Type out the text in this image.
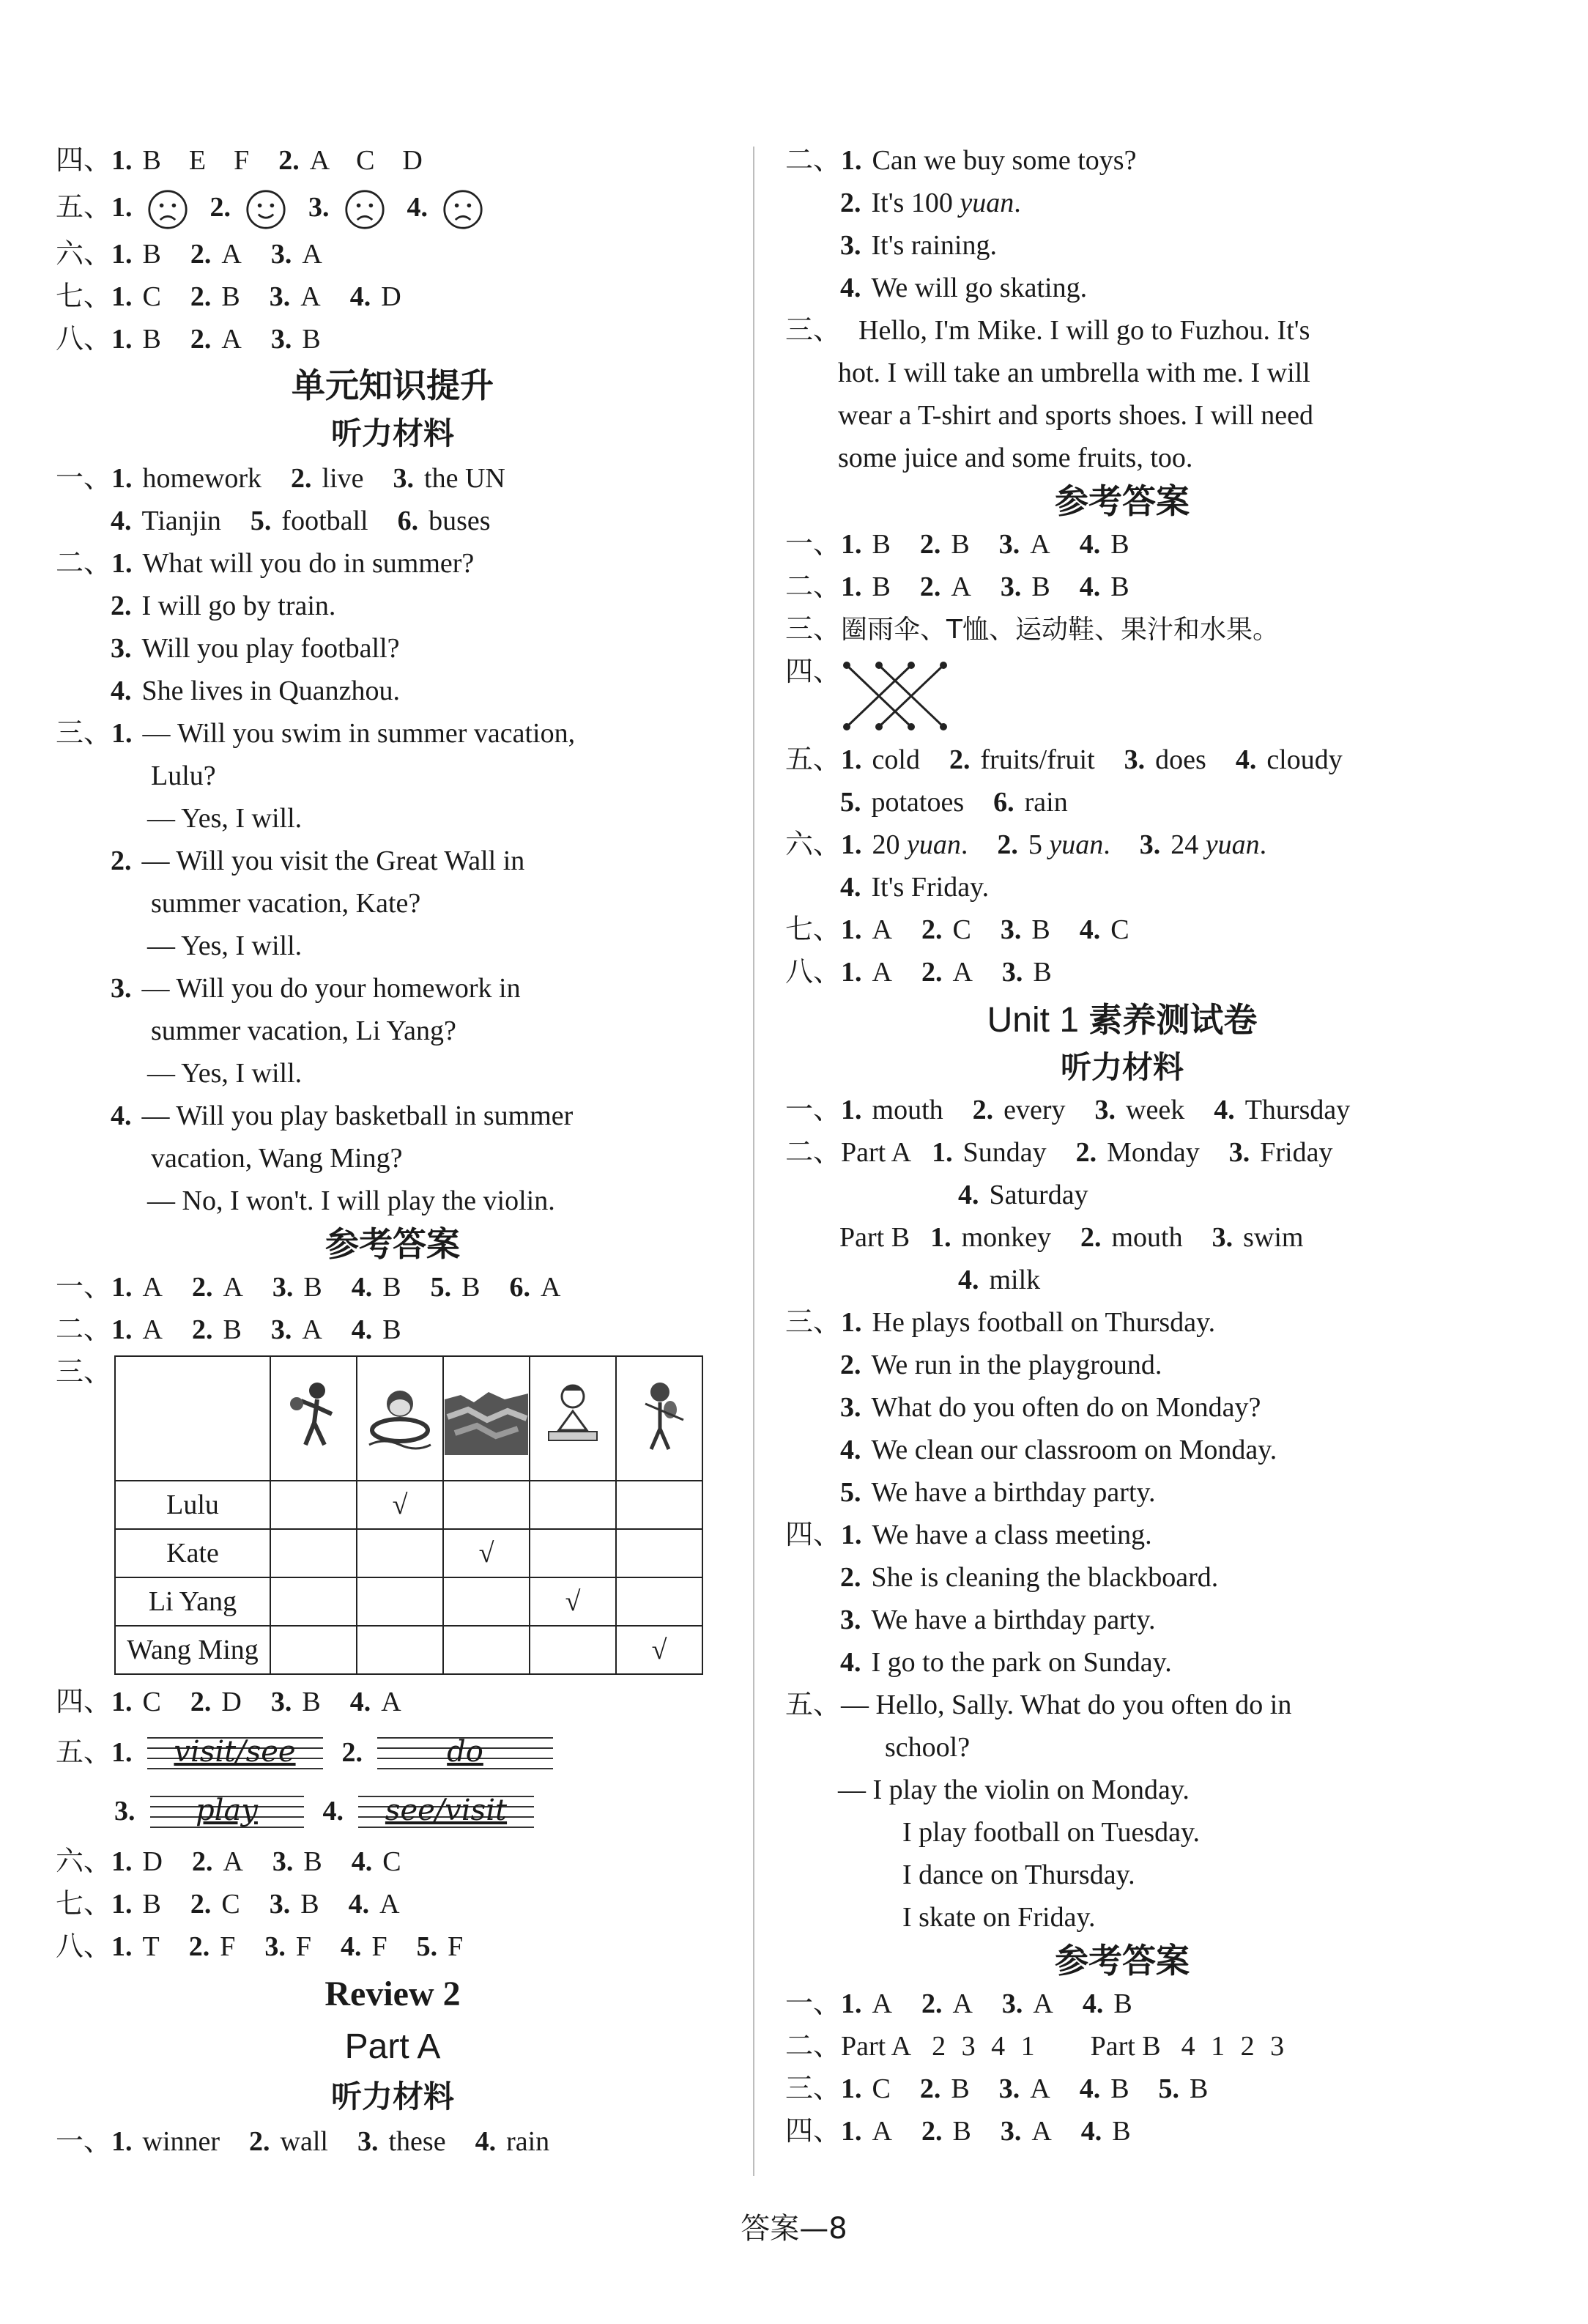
四、1. B　E　F 2. A　C　D
五、1.	2.	3.	4.
六、1. B 2. A 3. A
七、1. C 2. B 3. A 4. D
八、1. B 2. A 3. B
单元知识提升
听力材料
一、1. homework 2. live 3. the UN
4. Tianjin 5. football 6. buses
二、1. What will you do in summer?
2. I will go by train.
3. Will you play football?
4. She lives in Quanzhou.
三、1. — Will you swim in summer vacation,
Lulu?
— Yes, I will.
2. — Will you visit the Great Wall in
summer vacation, Kate?
— Yes, I will.
3. — Will you do your homework in
summer vacation, Li Yang?
— Yes, I will.
4. — Will you play basketball in summer
vacation, Wang Ming?
— No, I won't. I will play the violin.
参考答案
一、1. A 2. A 3. B 4. B 5. B 6. A
二、1. A 2. B 3. A 4. B
三、

Lulu		√			
Kate			√		
Li Yang				√	
Wang Ming					√
四、1. C 2. D 3. B 4. A
五、1.	visit/see	2.	do
3.	play	4.	see/visit
六、1. D 2. A 3. B 4. C
七、1. B 2. C 3. B 4. A
八、1. T 2. F 3. F 4. F 5. F
Review 2
Part A
听力材料
一、1. winner 2. wall 3. these 4. rain
二、1. Can we buy some toys?
2. It's 100 yuan.
3. It's raining.
4. We will go skating.
三、 Hello, I'm Mike. I will go to Fuzhou. It's
hot. I will take an umbrella with me. I will
wear a T-shirt and sports shoes. I will need
some juice and some fruits, too.
参考答案
一、1. B 2. B 3. A 4. B
二、1. B 2. A 3. B 4. B
三、圈雨伞、T恤、运动鞋、果汁和水果。
四、
五、1. cold 2. fruits/fruit 3. does 4. cloudy
5. potatoes 6. rain
六、1. 20 yuan. 2. 5 yuan. 3. 24 yuan.
4. It's Friday.
七、1. A 2. C 3. B 4. C
八、1. A 2. A 3. B
Unit 1 素养测试卷
听力材料
一、1. mouth 2. every 3. week 4. Thursday
二、Part A 1. Sunday 2. Monday 3. Friday
4. Saturday
Part B 1. monkey 2. mouth 3. swim
4. milk
三、1. He plays football on Thursday.
2. We run in the playground.
3. What do you often do on Monday?
4. We clean our classroom on Monday.
5. We have a birthday party.
四、1. We have a class meeting.
2. She is cleaning the blackboard.
3. We have a birthday party.
4. I go to the park on Sunday.
五、— Hello, Sally. What do you often do in
school?
— I play the violin on Monday.
I play football on Tuesday.
I dance on Thursday.
I skate on Friday.
参考答案
一、1. A 2. A 3. A 4. B
二、Part A 2 3 4 1 Part B 4 1 2 3
三、1. C 2. B 3. A 4. B 5. B
四、1. A 2. B 3. A 4. B
答案—8
